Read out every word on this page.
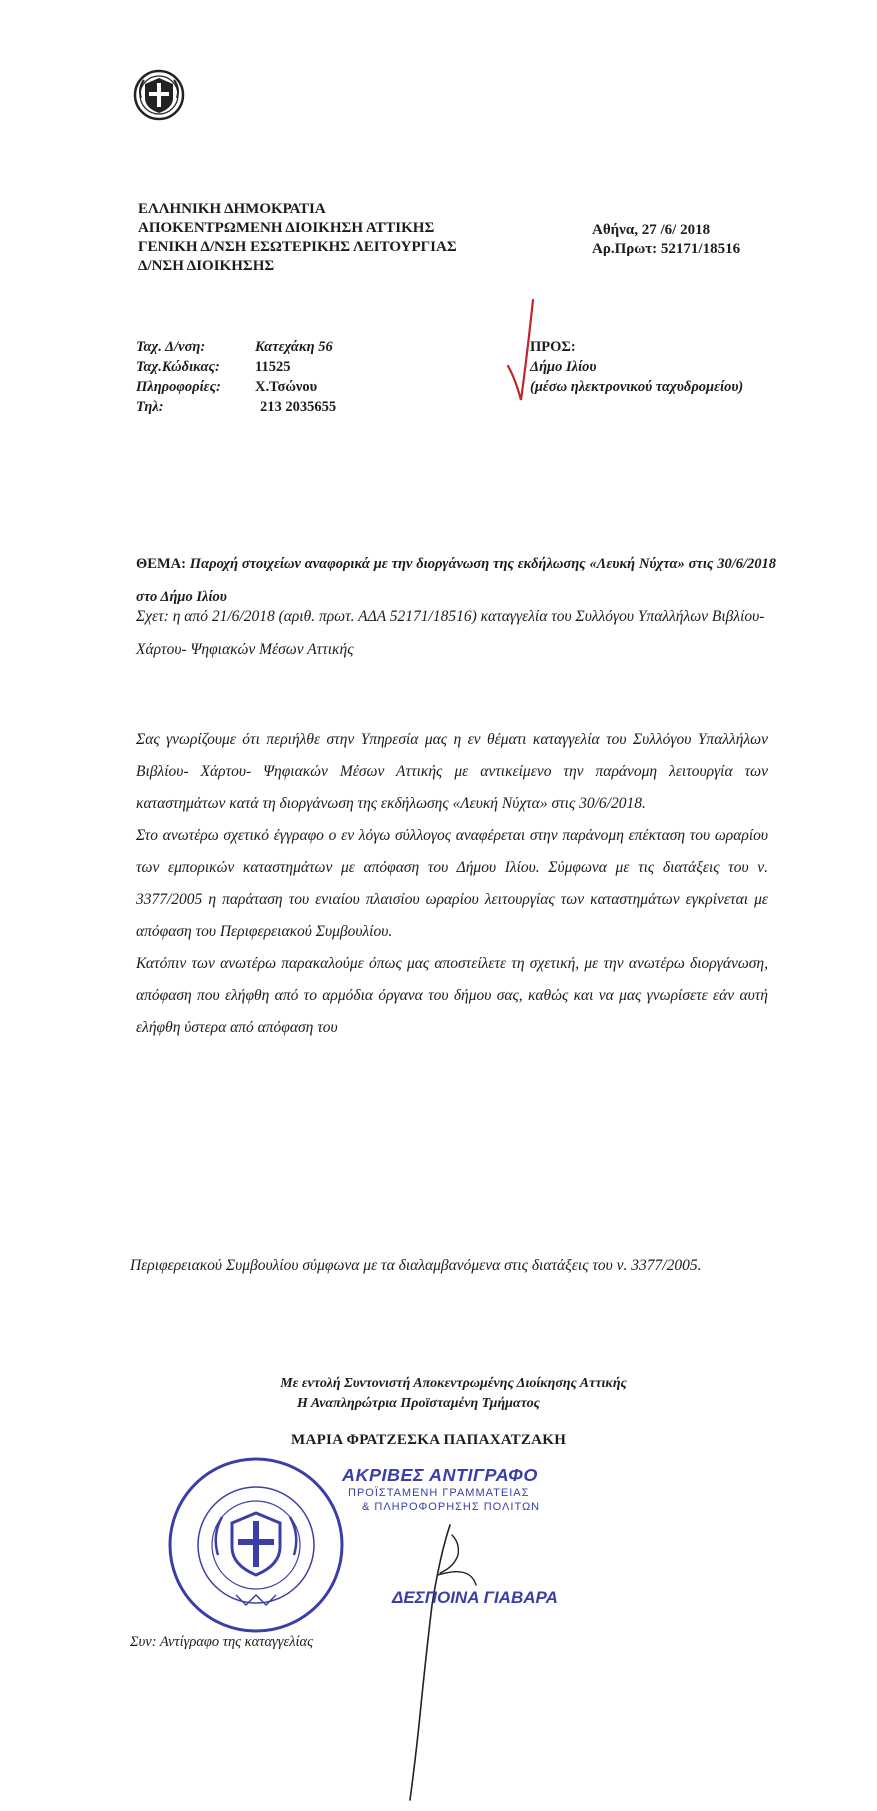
ΕΛΛΗΝΙΚΗ ΔΗΜΟΚΡΑΤΙΑ
ΑΠΟΚΕΝΤΡΩΜΕΝΗ ΔΙΟΙΚΗΣΗ ΑΤΤΙΚΗΣ
ΓΕΝΙΚΗ Δ/ΝΣΗ ΕΣΩΤΕΡΙΚΗΣ ΛΕΙΤΟΥΡΓΙΑΣ
Δ/ΝΣΗ ΔΙΟΙΚΗΣΗΣ
Αθήνα, 27 /6/ 2018
Αρ.Πρωτ: 52171/18516
Ταχ. Δ/νση:	Κατεχάκη 56
Ταχ.Κώδικας:	11525
Πληροφορίες:	Χ.Τσώνου
Τηλ:	213 2035655
ΠΡΟΣ:
Δήμο Ιλίου
(μέσω ηλεκτρονικού ταχυδρομείου)
ΘΕΜΑ: Παροχή στοιχείων αναφορικά με την διοργάνωση της εκδήλωσης «Λευκή Νύχτα» στις 30/6/2018 στο Δήμο Ιλίου
Σχετ: η από 21/6/2018 (αριθ. πρωτ. ΑΔΑ 52171/18516) καταγγελία του Συλλόγου Υπαλλήλων Βιβλίου- Χάρτου- Ψηφιακών Μέσων Αττικής

Σας γνωρίζουμε ότι περιήλθε στην Υπηρεσία μας η εν θέματι καταγγελία του Συλλόγου Υπαλλήλων Βιβλίου- Χάρτου- Ψηφιακών Μέσων Αττικής με αντικείμενο την παράνομη λειτουργία των καταστημάτων κατά τη διοργάνωση της εκδήλωσης «Λευκή Νύχτα» στις 30/6/2018.

Στο ανωτέρω σχετικό έγγραφο ο εν λόγω σύλλογος αναφέρεται στην παράνομη επέκταση του ωραρίου των εμπορικών καταστημάτων με απόφαση του Δήμου Ιλίου. Σύμφωνα με τις διατάξεις του ν. 3377/2005 η παράταση του ενιαίου πλαισίου ωραρίου λειτουργίας των καταστημάτων εγκρίνεται με απόφαση του Περιφερειακού Συμβουλίου.

Κατόπιν των ανωτέρω παρακαλούμε όπως μας αποστείλετε τη σχετική, με την ανωτέρω διοργάνωση, απόφαση που ελήφθη από το αρμόδια όργανα του δήμου σας, καθώς και να μας γνωρίσετε εάν αυτή ελήφθη ύστερα από απόφαση του

Περιφερειακού Συμβουλίου σύμφωνα με τα διαλαμβανόμενα στις διατάξεις του ν. 3377/2005.
Με εντολή Συντονιστή Αποκεντρωμένης Διοίκησης Αττικής
Η Αναπληρώτρια Προϊσταμένη Τμήματος
ΜΑΡΙΑ ΦΡΑΤΖΕΣΚΑ ΠΑΠΑΧΑΤΖΑΚΗ
ΑΚΡΙΒΕΣ ΑΝΤΙΓΡΑΦΟ
ΠΡΟΪΣΤΑΜΕΝΗ ΓΡΑΜΜΑΤΕΙΑΣ
& ΠΛΗΡΟΦΟΡΗΣΗΣ ΠΟΛΙΤΩΝ
ΔΕΣΠΟΙΝΑ ΓΙΑΒΑΡΑ
Συν: Αντίγραφο της καταγγελίας
